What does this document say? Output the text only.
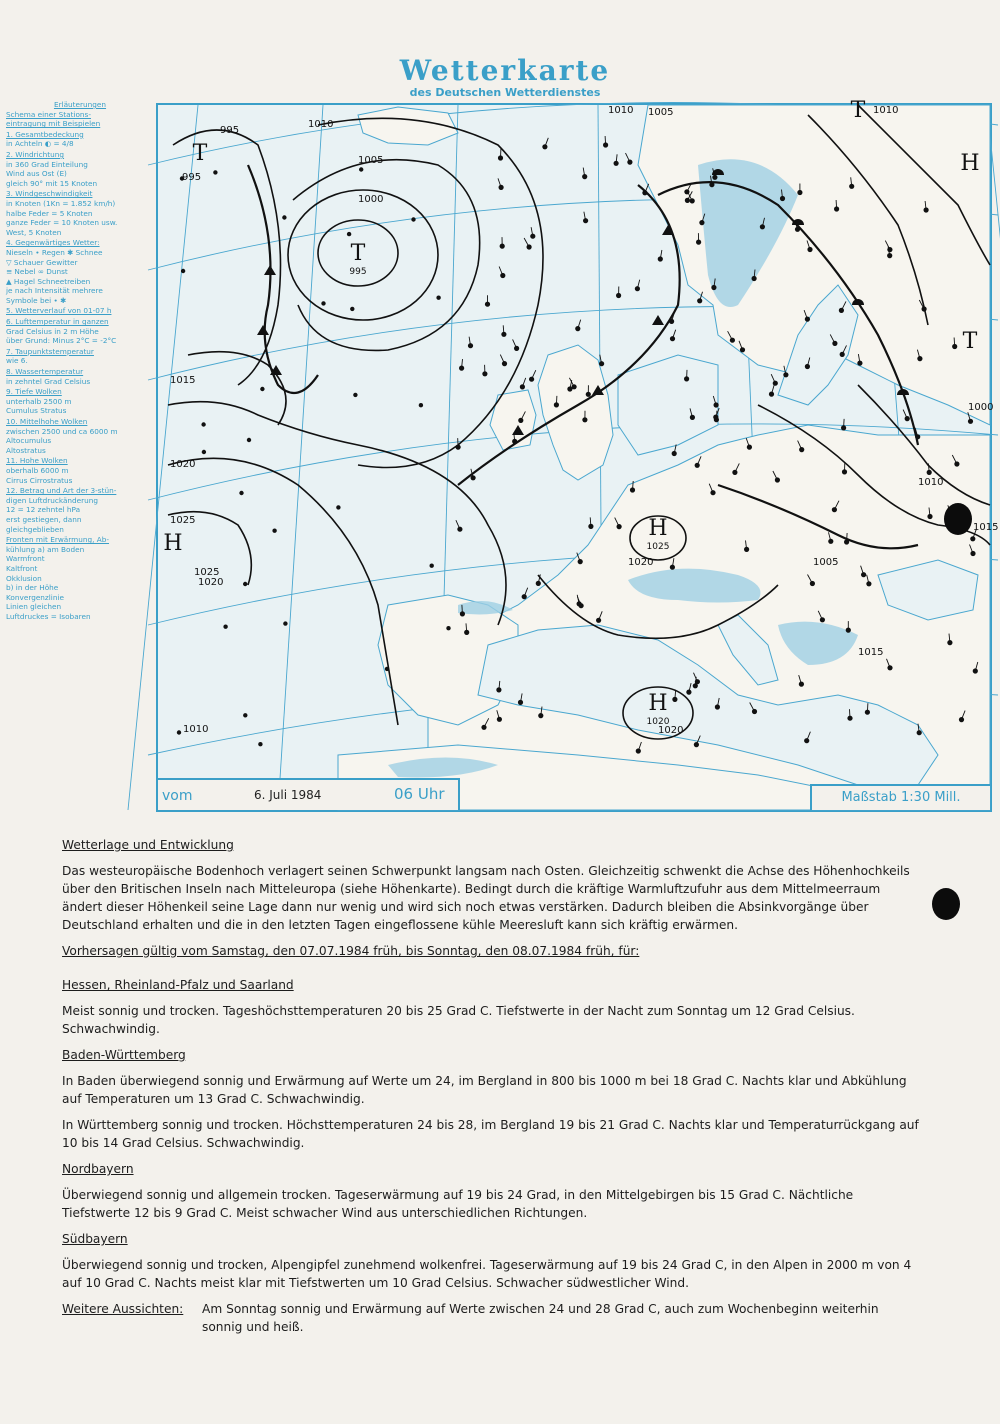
Wetterkarte
des Deutschen Wetterdienstes
Erläuterungen
Schema einer Stations-
eintragung mit Beispielen
1. Gesamtbedeckung
in Achteln ◐ = 4/8
2. Windrichtung
in 360 Grad Einteilung
Wind aus Ost (E)
gleich 90° mit 15 Knoten
3. Windgeschwindigkeit
in Knoten (1Kn = 1.852 km/h)
halbe Feder = 5 Knoten
ganze Feder = 10 Knoten usw.
West, 5 Knoten
4. Gegenwärtiges Wetter:
Nieseln • Regen ✱ Schnee
▽ Schauer Gewitter
≡ Nebel ∞ Dunst
▲ Hagel Schneetreiben
je nach Intensität mehrere
Symbole bei • ✱
5. Wetterverlauf von 01-07 h
6. Lufttemperatur in ganzen
Grad Celsius in 2 m Höhe
über Grund: Minus 2°C = -2°C
7. Taupunktstemperatur
wie 6.
8. Wassertemperatur
in zehntel Grad Celsius
9. Tiefe Wolken
unterhalb 2500 m
Cumulus Stratus
10. Mittelhohe Wolken
zwischen 2500 und ca 6000 m
Altocumulus
Altostratus
11. Hohe Wolken
oberhalb 6000 m
Cirrus Cirrostratus
12. Betrag und Art der 3-stün-
digen Luftdruckänderung
12 = 12 zehntel hPa
erst gestiegen, dann
gleichgeblieben
Fronten mit Erwärmung, Ab-
kühlung a) am Boden
Warmfront
Kaltfront
Okklusion
b) in der Höhe
Konvergenzlinie
Linien gleichen
Luftdruckes = Isobaren
995
995
1000
1005
1010
1010
1015
1020
1025
1025
1020
1010
1005
1010
1000
1005
1010
1020
1015
1020
1015
T
T
995
T
T
H
1025
H
1020
H
H
vom	6. Juli 1984	06 Uhr	Maßstab 1:30 Mill.
Wetterlage und Entwicklung

Das westeuropäische Bodenhoch verlagert seinen Schwerpunkt langsam nach Osten. Gleichzeitig schwenkt die Achse des Höhenhochkeils über den Britischen Inseln nach Mitteleuropa (siehe Höhenkarte). Bedingt durch die kräftige Warmluftzufuhr aus dem Mittelmeerraum ändert dieser Höhenkeil seine Lage dann nur wenig und wird sich noch etwas verstärken. Dadurch bleiben die Absinkvorgänge über Deutschland erhalten und die in den letzten Tagen eingeflossene kühle Meeresluft kann sich kräftig erwärmen.

Vorhersagen gültig vom Samstag, den 07.07.1984 früh, bis Sonntag, den 08.07.1984 früh, für:
Hessen, Rheinland-Pfalz und Saarland

Meist sonnig und trocken. Tageshöchsttemperaturen 20 bis 25 Grad C. Tiefstwerte in der Nacht zum Sonntag um 12 Grad Celsius. Schwachwindig.

Baden-Württemberg

In Baden überwiegend sonnig und Erwärmung auf Werte um 24, im Bergland in 800 bis 1000 m bei 18 Grad C. Nachts klar und Abkühlung auf Temperaturen um 13 Grad C. Schwachwindig.

In Württemberg sonnig und trocken. Höchsttemperaturen 24 bis 28, im Bergland 19 bis 21 Grad C. Nachts klar und Temperaturrückgang auf 10 bis 14 Grad Celsius. Schwachwindig.

Nordbayern

Überwiegend sonnig und allgemein trocken. Tageserwärmung auf 19 bis 24 Grad, in den Mittelgebirgen bis 15 Grad C. Nächtliche Tiefstwerte 12 bis 9 Grad C. Meist schwacher Wind aus unterschiedlichen Richtungen.

Südbayern

Überwiegend sonnig und trocken, Alpengipfel zunehmend wolkenfrei. Tageserwärmung auf 19 bis 24 Grad C, in den Alpen in 2000 m von 4 auf 10 Grad C. Nachts meist klar mit Tiefstwerten um 10 Grad Celsius. Schwacher südwestlicher Wind.

Weitere Aussichten:	Am Sonntag sonnig und Erwärmung auf Werte zwischen 24 und 28 Grad C, auch zum Wochenbeginn weiterhin sonnig und heiß.
